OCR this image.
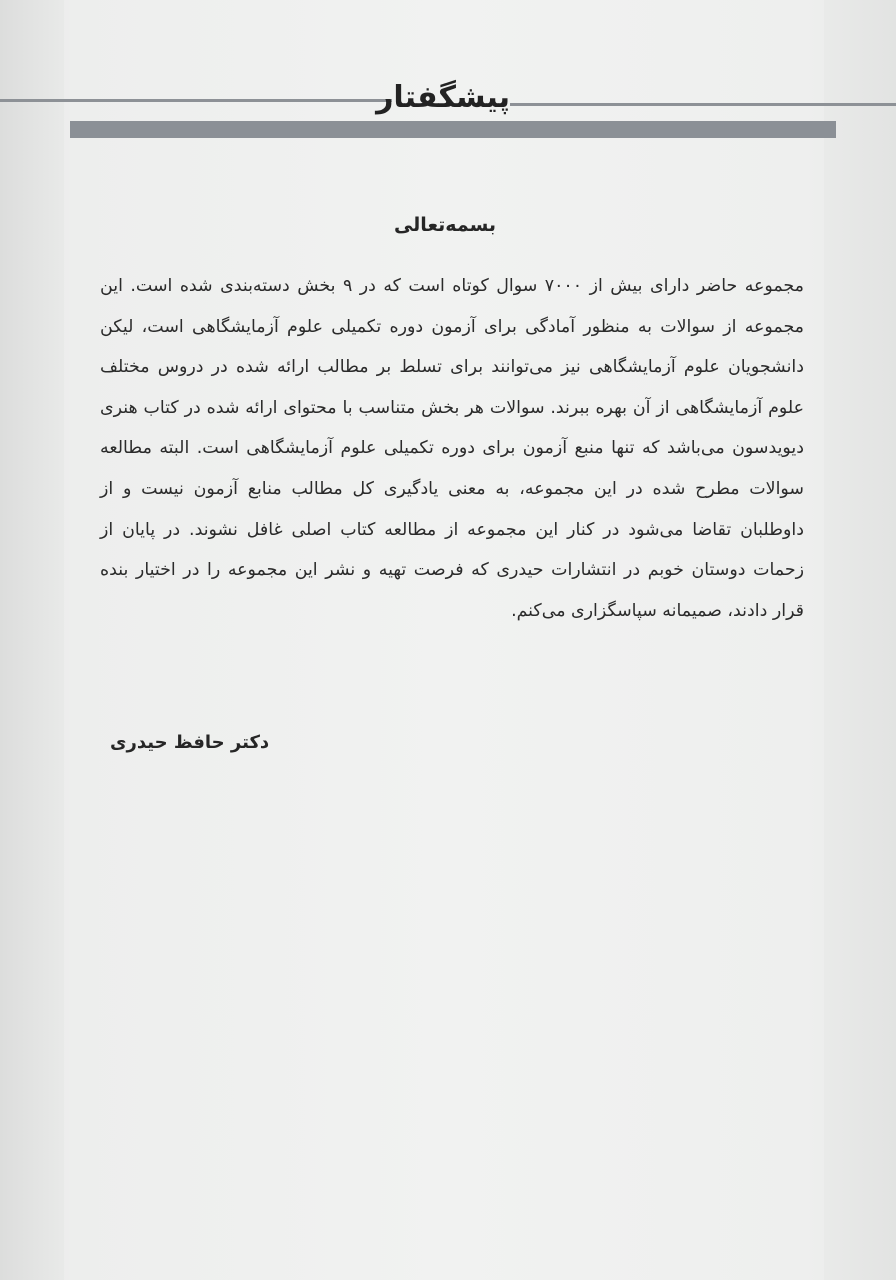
پیشگفتار
بسمه‌تعالی

مجموعه حاضر دارای بیش از ۷۰۰۰ سوال کوتاه است که در ۹ بخش دسته‌بندی شده است. این مجموعه از سوالات به منظور آمادگی برای آزمون دوره تکمیلی علوم آزمایشگاهی است، لیکن دانشجویان علوم آزمایشگاهی نیز می‌توانند برای تسلط بر مطالب ارائه شده در دروس مختلف علوم آزمایشگاهی از آن بهره ببرند. سوالات هر بخش متناسب با محتوای ارائه شده در کتاب هنری دیویدسون می‌باشد که تنها منبع آزمون برای دوره تکمیلی علوم آزمایشگاهی است. البته مطالعه سوالات مطرح شده در این مجموعه، به معنی یادگیری کل مطالب منابع آزمون نیست و از داوطلبان تقاضا می‌شود در کنار این مجموعه از مطالعه کتاب اصلی غافل نشوند. در پایان از زحمات دوستان خوبم در انتشارات حیدری که فرصت تهیه و نشر این مجموعه را در اختیار بنده قرار دادند، صمیمانه سپاسگزاری می‌کنم.

دکتر حافظ حیدری
